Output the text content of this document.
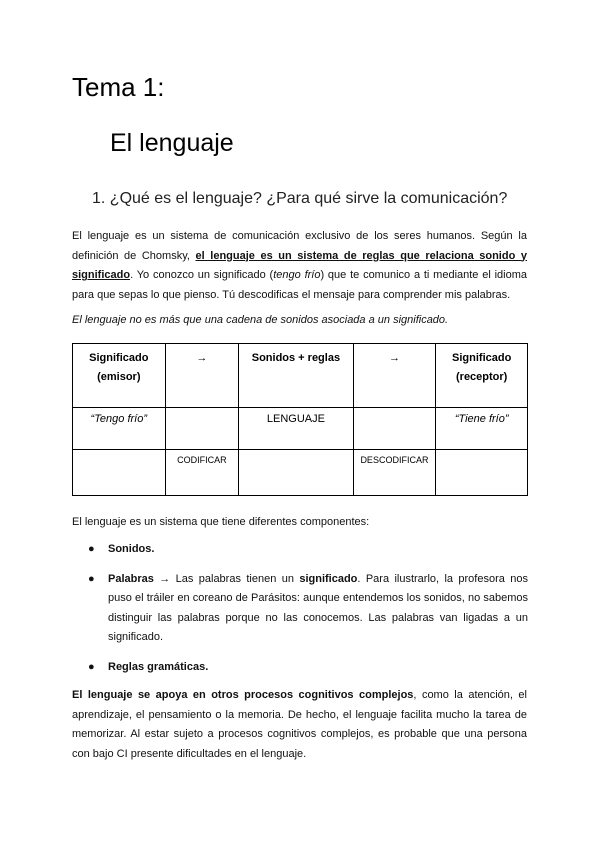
Tema 1:
El lenguaje
1. ¿Qué es el lenguaje? ¿Para qué sirve la comunicación?

El lenguaje es un sistema de comunicación exclusivo de los seres humanos. Según la definición de Chomsky, el lenguaje es un sistema de reglas que relaciona sonido y significado. Yo conozco un significado (tengo frío) que te comunico a ti mediante el idioma para que sepas lo que pienso. Tú descodificas el mensaje para comprender mis palabras.

El lenguaje no es más que una cadena de sonidos asociada a un significado.

Significado (emisor)	→	Sonidos + reglas	→	Significado (receptor)
“Tengo frío”		LENGUAJE		“Tiene frío”
	CODIFICAR		DESCODIFICAR	

El lenguaje es un sistema que tiene diferentes componentes:

● Sonidos.
● Palabras → Las palabras tienen un significado. Para ilustrarlo, la profesora nos puso el tráiler en coreano de Parásitos: aunque entendemos los sonidos, no sabemos distinguir las palabras porque no las conocemos. Las palabras van ligadas a un significado.
● Reglas gramáticas.

El lenguaje se apoya en otros procesos cognitivos complejos, como la atención, el aprendizaje, el pensamiento o la memoria. De hecho, el lenguaje facilita mucho la tarea de memorizar. Al estar sujeto a procesos cognitivos complejos, es probable que una persona con bajo CI presente dificultades en el lenguaje.
